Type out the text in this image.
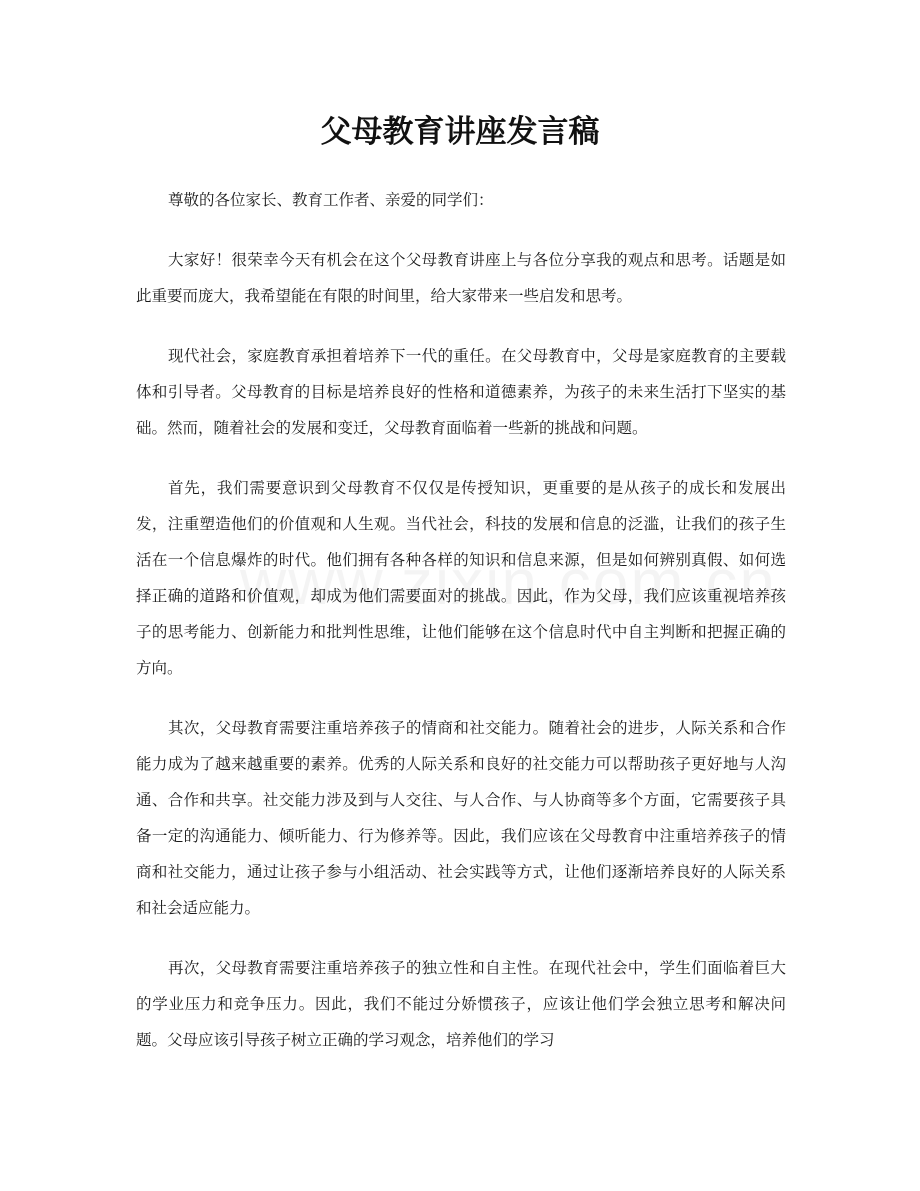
父母教育讲座发言稿

尊敬的各位家长、教育工作者、亲爱的同学们：

大家好！很荣幸今天有机会在这个父母教育讲座上与各位分享我的观点和思考。话题是如此重要而庞大，我希望能在有限的时间里，给大家带来一些启发和思考。

现代社会，家庭教育承担着培养下一代的重任。在父母教育中，父母是家庭教育的主要载体和引导者。父母教育的目标是培养良好的性格和道德素养，为孩子的未来生活打下坚实的基础。然而，随着社会的发展和变迁，父母教育面临着一些新的挑战和问题。

首先，我们需要意识到父母教育不仅仅是传授知识，更重要的是从孩子的成长和发展出发，注重塑造他们的价值观和人生观。当代社会，科技的发展和信息的泛滥，让我们的孩子生活在一个信息爆炸的时代。他们拥有各种各样的知识和信息来源，但是如何辨别真假、如何选择正确的道路和价值观，却成为他们需要面对的挑战。因此，作为父母，我们应该重视培养孩子的思考能力、创新能力和批判性思维，让他们能够在这个信息时代中自主判断和把握正确的方向。

其次，父母教育需要注重培养孩子的情商和社交能力。随着社会的进步，人际关系和合作能力成为了越来越重要的素养。优秀的人际关系和良好的社交能力可以帮助孩子更好地与人沟通、合作和共享。社交能力涉及到与人交往、与人合作、与人协商等多个方面，它需要孩子具备一定的沟通能力、倾听能力、行为修养等。因此，我们应该在父母教育中注重培养孩子的情商和社交能力，通过让孩子参与小组活动、社会实践等方式，让他们逐渐培养良好的人际关系和社会适应能力。

再次，父母教育需要注重培养孩子的独立性和自主性。在现代社会中，学生们面临着巨大的学业压力和竞争压力。因此，我们不能过分娇惯孩子，应该让他们学会独立思考和解决问题。父母应该引导孩子树立正确的学习观念，培养他们的学习
